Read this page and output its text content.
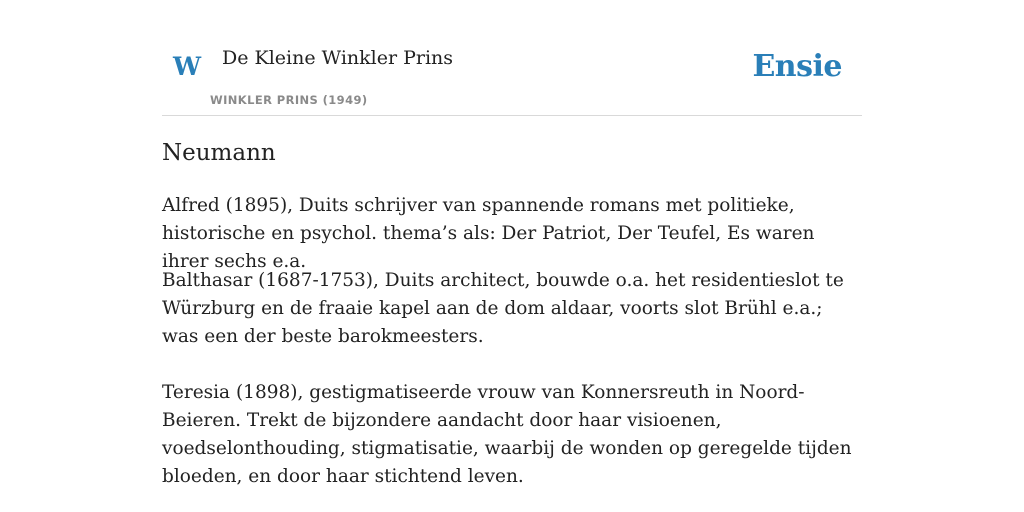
W De Kleine Winkler Prins
WINKLER PRINS (1949)
Ensie
Neumann

Alfred (1895), Duits schrijver van spannende romans met politieke, historische en psychol. thema’s als: Der Patriot, Der Teufel, Es waren ihrer sechs e.a.

Balthasar (1687-1753), Duits architect, bouwde o.a. het residentieslot te Würzburg en de fraaie kapel aan de dom aldaar, voorts slot Brühl e.a.; was een der beste barokmeesters.

Teresia (1898), gestigmatiseerde vrouw van Konnersreuth in Noord-Beieren. Trekt de bijzondere aandacht door haar visioenen, voedselonthouding, stigmatisatie, waarbij de wonden op geregelde tijden bloeden, en door haar stichtend leven.
